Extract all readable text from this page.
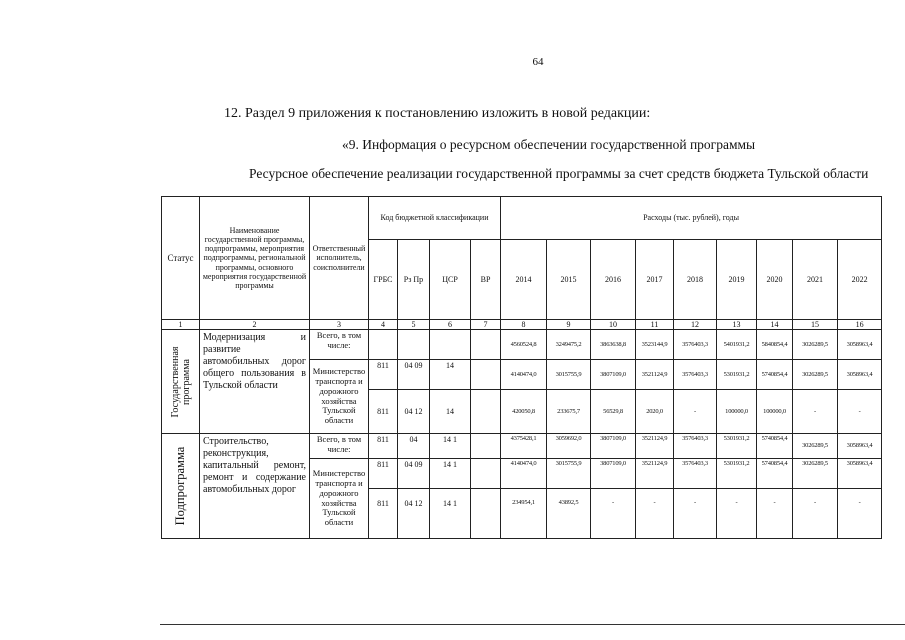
64
12. Раздел 9 приложения к постановлению изложить в новой редакции:
«9. Информация о ресурсном обеспечении государственной программы
Ресурсное обеспечение реализации государственной программы за счет средств бюджета Тульской области
Статус	Наименование государственной программы, подпрограммы, мероприятия подпрограммы, региональной программы, основного мероприятия государственной программы	Ответственный исполнитель, соисполнители	Код бюджетной классификации				Расходы (тыс. рублей), годы								
			ГРБС	Рз Пр	ЦСР	ВР	2014	2015	2016	2017	2018	2019	2020	2021	2022
1	2	3	4	5	6	7	8	9	10	11	12	13	14	15	16

Государственная программа	Модернизация и развитие автомобильных дорог общего пользования в Тульской области	Всего, в том числе:					4560524,8	3249475,2	3863638,8	3523144,9	3576403,3	5401931,2	5840854,4	3026289,5	3058963,4
		Министерство транспорта и дорожного хозяйства Тульской области	811	04 09	14		4140474,0	3015755,9	3807109,0	3521124,9	3576403,3	5301931,2	5740854,4	3026289,5	3058963,4
			811	04 12	14		420050,8	233675,7	56529,8	2020,0	-	100000,0	100000,0	-	-

Подпрограмма	Строительство, реконструкция, капитальный ремонт, ремонт и содержание автомобильных дорог	Всего, в том числе:	811	04	14 1		4375428,1	3059692,0	3807109,0	3521124,9	3576403,3	5301931,2	5740854,4	3026289,5	3058963,4
		Министерство транспорта и дорожного хозяйства Тульской области	811	04 09	14 1		4140474,0	3015755,9	3807109,0	3521124,9	3576403,3	5301931,2	5740854,4	3026289,5	3058963,4
			811	04 12	14 1		234954,1	43892,5	-	-	-	-	-	-	-
